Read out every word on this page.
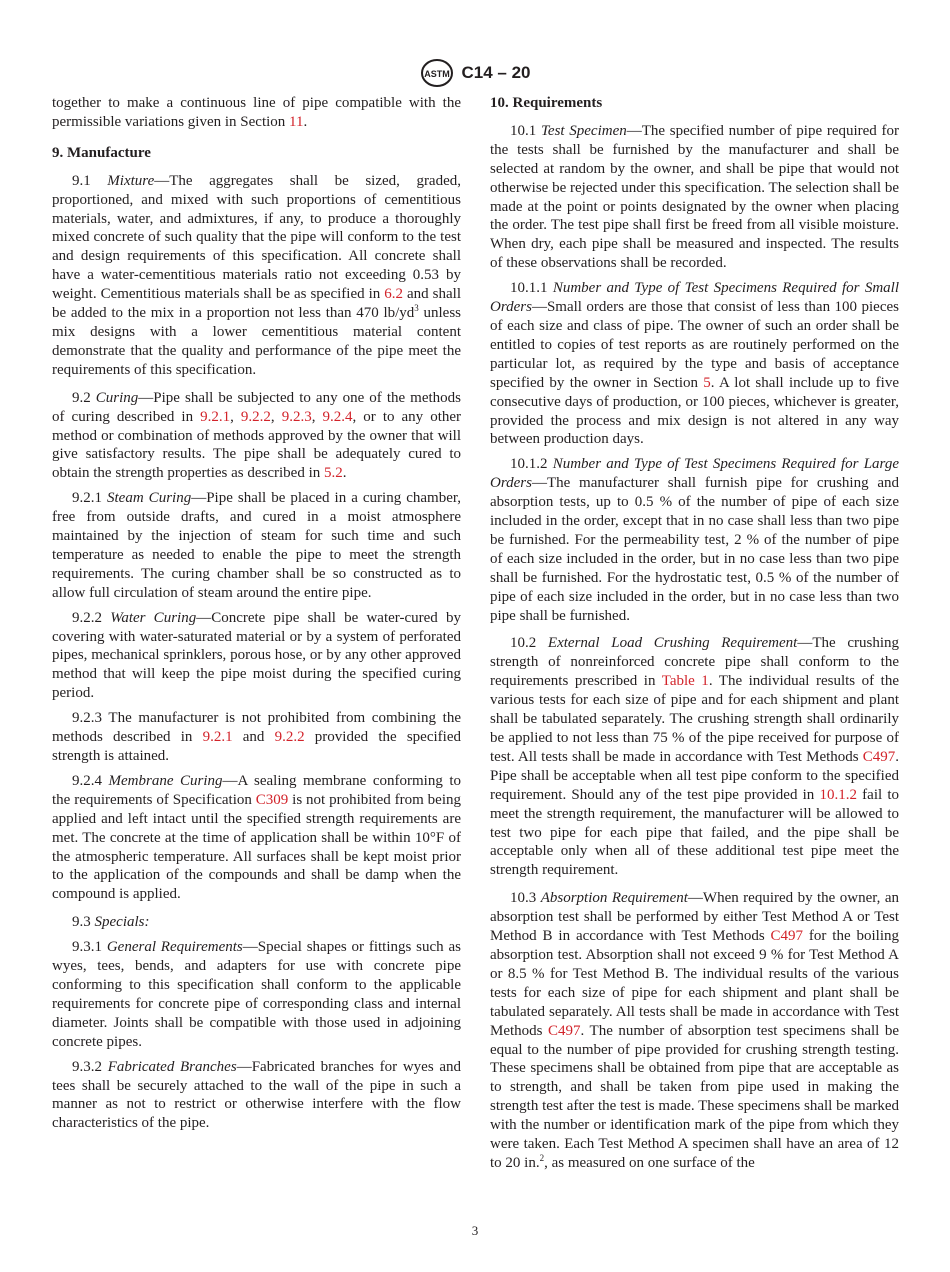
ASTM C14 – 20

together to make a continuous line of pipe compatible with the permissible variations given in Section 11.

9. Manufacture

9.1 Mixture—The aggregates shall be sized, graded, proportioned, and mixed with such proportions of cementitious materials, water, and admixtures, if any, to produce a thoroughly mixed concrete of such quality that the pipe will conform to the test and design requirements of this specification. All concrete shall have a water-cementitious materials ratio not exceeding 0.53 by weight. Cementitious materials shall be as specified in 6.2 and shall be added to the mix in a proportion not less than 470 $lb/yd^3$ unless mix designs with a lower cementitious material content demonstrate that the quality and performance of the pipe meet the requirements of this specification.

9.2 Curing—Pipe shall be subjected to any one of the methods of curing described in 9.2.1, 9.2.2, 9.2.3, 9.2.4, or to any other method or combination of methods approved by the owner that will give satisfactory results. The pipe shall be adequately cured to obtain the strength properties as described in 5.2.

9.2.1 Steam Curing—Pipe shall be placed in a curing chamber, free from outside drafts, and cured in a moist atmosphere maintained by the injection of steam for such time and such temperature as needed to enable the pipe to meet the strength requirements. The curing chamber shall be so constructed as to allow full circulation of steam around the entire pipe.

9.2.2 Water Curing—Concrete pipe shall be water-cured by covering with water-saturated material or by a system of perforated pipes, mechanical sprinklers, porous hose, or by any other approved method that will keep the pipe moist during the specified curing period.

9.2.3 The manufacturer is not prohibited from combining the methods described in 9.2.1 and 9.2.2 provided the specified strength is attained.

9.2.4 Membrane Curing—A sealing membrane conforming to the requirements of Specification C309 is not prohibited from being applied and left intact until the specified strength requirements are met. The concrete at the time of application shall be within 10°F of the atmospheric temperature. All surfaces shall be kept moist prior to the application of the compounds and shall be damp when the compound is applied.

9.3 Specials:

9.3.1 General Requirements—Special shapes or fittings such as wyes, tees, bends, and adapters for use with concrete pipe conforming to this specification shall conform to the applicable requirements for concrete pipe of corresponding class and internal diameter. Joints shall be compatible with those used in adjoining concrete pipes.

9.3.2 Fabricated Branches—Fabricated branches for wyes and tees shall be securely attached to the wall of the pipe in such a manner as not to restrict or otherwise interfere with the flow characteristics of the pipe.

10. Requirements

10.1 Test Specimen—The specified number of pipe required for the tests shall be furnished by the manufacturer and shall be selected at random by the owner, and shall be pipe that would not otherwise be rejected under this specification. The selection shall be made at the point or points designated by the owner when placing the order. The test pipe shall first be freed from all visible moisture. When dry, each pipe shall be measured and inspected. The results of these observations shall be recorded.

10.1.1 Number and Type of Test Specimens Required for Small Orders—Small orders are those that consist of less than 100 pieces of each size and class of pipe. The owner of such an order shall be entitled to copies of test reports as are routinely performed on the particular lot, as required by the type and basis of acceptance specified by the owner in Section 5. A lot shall include up to five consecutive days of production, or 100 pieces, whichever is greater, provided the process and mix design is not altered in any way between production days.

10.1.2 Number and Type of Test Specimens Required for Large Orders—The manufacturer shall furnish pipe for crushing and absorption tests, up to 0.5 % of the number of pipe of each size included in the order, except that in no case shall less than two pipe be furnished. For the permeability test, 2 % of the number of pipe of each size included in the order, but in no case less than two pipe shall be furnished. For the hydrostatic test, 0.5 % of the number of pipe of each size included in the order, but in no case less than two pipe shall be furnished.

10.2 External Load Crushing Requirement—The crushing strength of nonreinforced concrete pipe shall conform to the requirements prescribed in Table 1. The individual results of the various tests for each size of pipe and for each shipment and plant shall be tabulated separately. The crushing strength shall ordinarily be applied to not less than 75 % of the pipe received for purpose of test. All tests shall be made in accordance with Test Methods C497. Pipe shall be acceptable when all test pipe conform to the specified requirement. Should any of the test pipe provided in 10.1.2 fail to meet the strength requirement, the manufacturer will be allowed to test two pipe for each pipe that failed, and the pipe shall be acceptable only when all of these additional test pipe meet the strength requirement.

10.3 Absorption Requirement—When required by the owner, an absorption test shall be performed by either Test Method A or Test Method B in accordance with Test Methods C497 for the boiling absorption test. Absorption shall not exceed 9 % for Test Method A or 8.5 % for Test Method B. The individual results of the various tests for each size of pipe for each shipment and plant shall be tabulated separately. All tests shall be made in accordance with Test Methods C497. The number of absorption test specimens shall be equal to the number of pipe provided for crushing strength testing. These specimens shall be obtained from pipe that are acceptable as to strength, and shall be taken from pipe used in making the strength test after the test is made. These specimens shall be marked with the number or identification mark of the pipe from which they were taken. Each Test Method A specimen shall have an area of 12 to 20 in.$^2$, as measured on one surface of the

3
